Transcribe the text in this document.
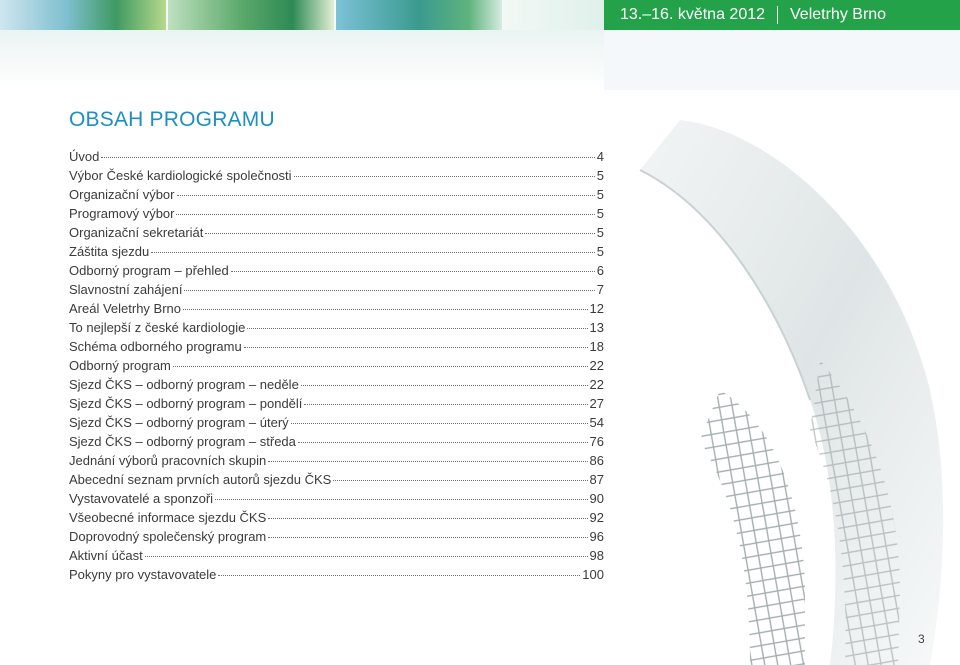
13.–16. května 2012 Veletrhy Brno
OBSAH PROGRAMU
Úvod	4
Výbor České kardiologické společnosti	5
Organizační výbor	5
Programový výbor	5
Organizační sekretariát	5
Záštita sjezdu	5
Odborný program – přehled	6
Slavnostní zahájení	7
Areál Veletrhy Brno	12
To nejlepší z české kardiologie	13
Schéma odborného programu	18
Odborný program	22
Sjezd ČKS – odborný program – neděle	22
Sjezd ČKS – odborný program – pondělí	27
Sjezd ČKS – odborný program – úterý	54
Sjezd ČKS – odborný program – středa	76
Jednání výborů pracovních skupin	86
Abecední seznam prvních autorů sjezdu ČKS	87
Vystavovatelé a sponzoři	90
Všeobecné informace sjezdu ČKS	92
Doprovodný společenský program	96
Aktivní účast	98
Pokyny pro vystavovatele	100
3
